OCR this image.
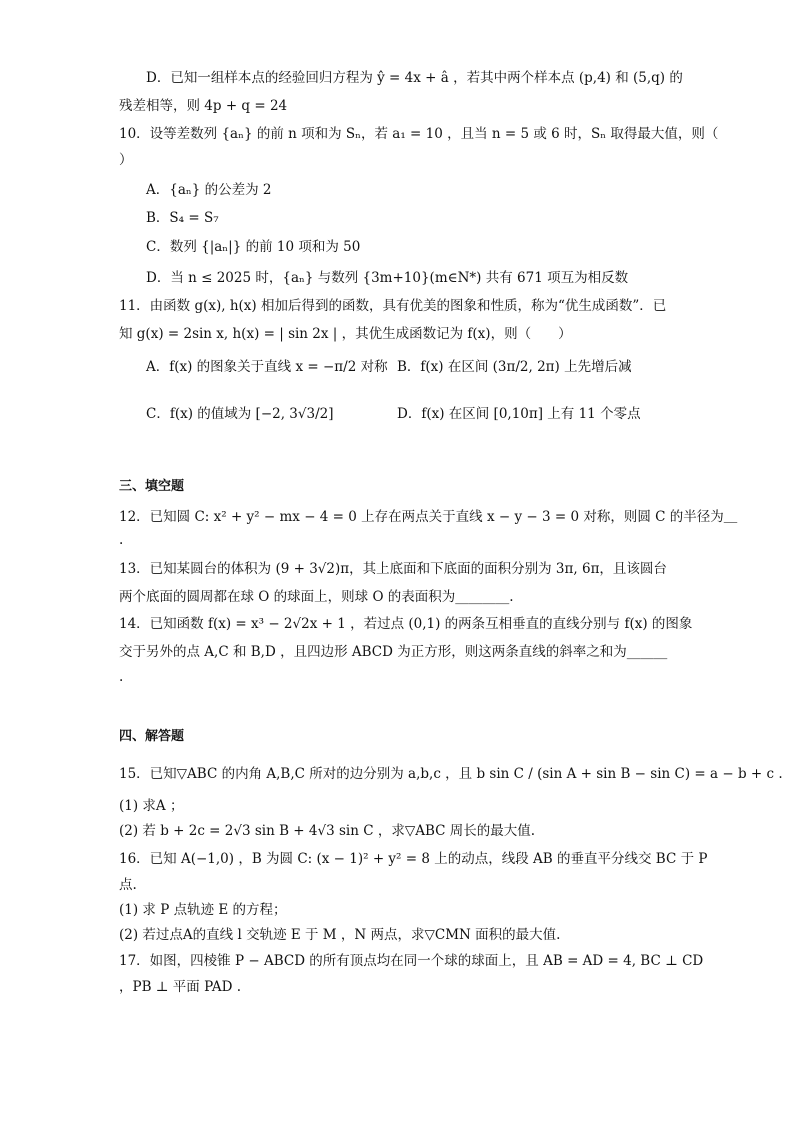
D．已知一组样本点的经验回归方程为 ŷ = 4x + â ，若其中两个样本点 (p,4) 和 (5,q) 的
残差相等，则 4p + q = 24
10．设等差数列 {aₙ} 的前 n 项和为 Sₙ，若 a₁ = 10 ，且当 n = 5 或 6 时，Sₙ 取得最大值，则（
）
A．{aₙ} 的公差为 2
B．S₄ = S₇
C．数列 {|aₙ|} 的前 10 项和为 50
D．当 n ≤ 2025 时，{aₙ} 与数列 {3m+10}(m∈N*) 共有 671 项互为相反数
11．由函数 g(x), h(x) 相加后得到的函数，具有优美的图象和性质，称为“优生成函数”．已
知 g(x) = 2sin x, h(x) = | sin 2x | ，其优生成函数记为 f(x)，则（　　）
A．f(x) 的图象关于直线 x = −π/2 对称 B．f(x) 在区间 (3π/2, 2π) 上先增后减
C．f(x) 的值域为 [−2, 3√3/2]	D．f(x) 在区间 [0,10π] 上有 11 个零点
三、填空题
12．已知圆 C: x² + y² − mx − 4 = 0 上存在两点关于直线 x − y − 3 = 0 对称，则圆 C 的半径为＿
.
13．已知某圆台的体积为 (9 + 3√2)π，其上底面和下底面的面积分别为 3π, 6π，且该圆台
两个底面的圆周都在球 O 的球面上，则球 O 的表面积为________.
14．已知函数 f(x) = x³ − 2√2x + 1 ，若过点 (0,1) 的两条互相垂直的直线分别与 f(x) 的图象
交于另外的点 A,C 和 B,D ，且四边形 ABCD 为正方形，则这两条直线的斜率之和为______
.
四、解答题
15．已知▽ABC 的内角 A,B,C 所对的边分别为 a,b,c ，且 b sin C / (sin A + sin B − sin C) = a − b + c .
(1) 求A ；
(2) 若 b + 2c = 2√3 sin B + 4√3 sin C ，求▽ABC 周长的最大值.
16．已知 A(−1,0) ，B 为圆 C: (x − 1)² + y² = 8 上的动点，线段 AB 的垂直平分线交 BC 于 P
点.
(1) 求 P 点轨迹 E 的方程；
(2) 若过点A的直线 l 交轨迹 E 于 M ，N 两点，求▽CMN 面积的最大值.
17．如图，四棱锥 P − ABCD 的所有顶点均在同一个球的球面上，且 AB = AD = 4, BC ⊥ CD
，PB ⊥ 平面 PAD .
